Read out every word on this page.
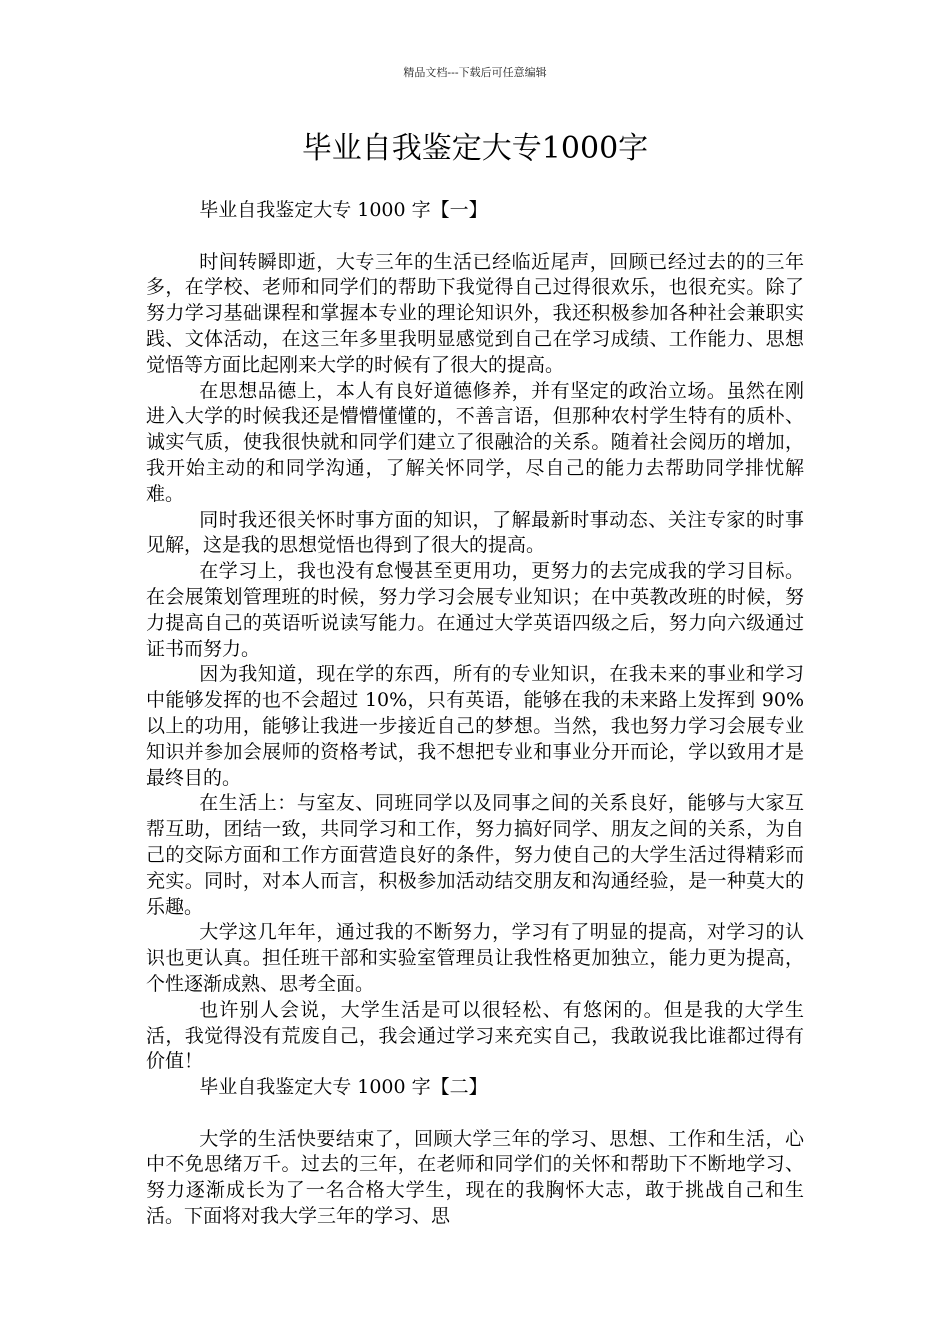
精品文档---下载后可任意编辑
毕业自我鉴定大专1000字

毕业自我鉴定大专 1000 字【一】

时间转瞬即逝，大专三年的生活已经临近尾声，回顾已经过去的的三年多，在学校、老师和同学们的帮助下我觉得自己过得很欢乐，也很充实。除了努力学习基础课程和掌握本专业的理论知识外，我还积极参加各种社会兼职实践、文体活动，在这三年多里我明显感觉到自己在学习成绩、工作能力、思想觉悟等方面比起刚来大学的时候有了很大的提高。

在思想品德上，本人有良好道德修养，并有坚定的政治立场。虽然在刚进入大学的时候我还是懵懵懂懂的，不善言语，但那种农村学生特有的质朴、诚实气质，使我很快就和同学们建立了很融洽的关系。随着社会阅历的增加，我开始主动的和同学沟通，了解关怀同学，尽自己的能力去帮助同学排忧解难。

同时我还很关怀时事方面的知识，了解最新时事动态、关注专家的时事见解，这是我的思想觉悟也得到了很大的提高。

在学习上，我也没有怠慢甚至更用功，更努力的去完成我的学习目标。在会展策划管理班的时候，努力学习会展专业知识；在中英教改班的时候，努力提高自己的英语听说读写能力。在通过大学英语四级之后，努力向六级通过证书而努力。

因为我知道，现在学的东西，所有的专业知识，在我未来的事业和学习中能够发挥的也不会超过 10%，只有英语，能够在我的未来路上发挥到 90%以上的功用，能够让我进一步接近自己的梦想。当然，我也努力学习会展专业知识并参加会展师的资格考试，我不想把专业和事业分开而论，学以致用才是最终目的。

在生活上：与室友、同班同学以及同事之间的关系良好，能够与大家互帮互助，团结一致，共同学习和工作，努力搞好同学、朋友之间的关系，为自己的交际方面和工作方面营造良好的条件，努力使自己的大学生活过得精彩而充实。同时，对本人而言，积极参加活动结交朋友和沟通经验，是一种莫大的乐趣。

大学这几年年，通过我的不断努力，学习有了明显的提高，对学习的认识也更认真。担任班干部和实验室管理员让我性格更加独立，能力更为提高，个性逐渐成熟、思考全面。

也许别人会说，大学生活是可以很轻松、有悠闲的。但是我的大学生活，我觉得没有荒废自己，我会通过学习来充实自己，我敢说我比谁都过得有价值！

毕业自我鉴定大专 1000 字【二】

大学的生活快要结束了，回顾大学三年的学习、思想、工作和生活，心中不免思绪万千。过去的三年，在老师和同学们的关怀和帮助下不断地学习、努力逐渐成长为了一名合格大学生，现在的我胸怀大志，敢于挑战自己和生活。下面将对我大学三年的学习、思
